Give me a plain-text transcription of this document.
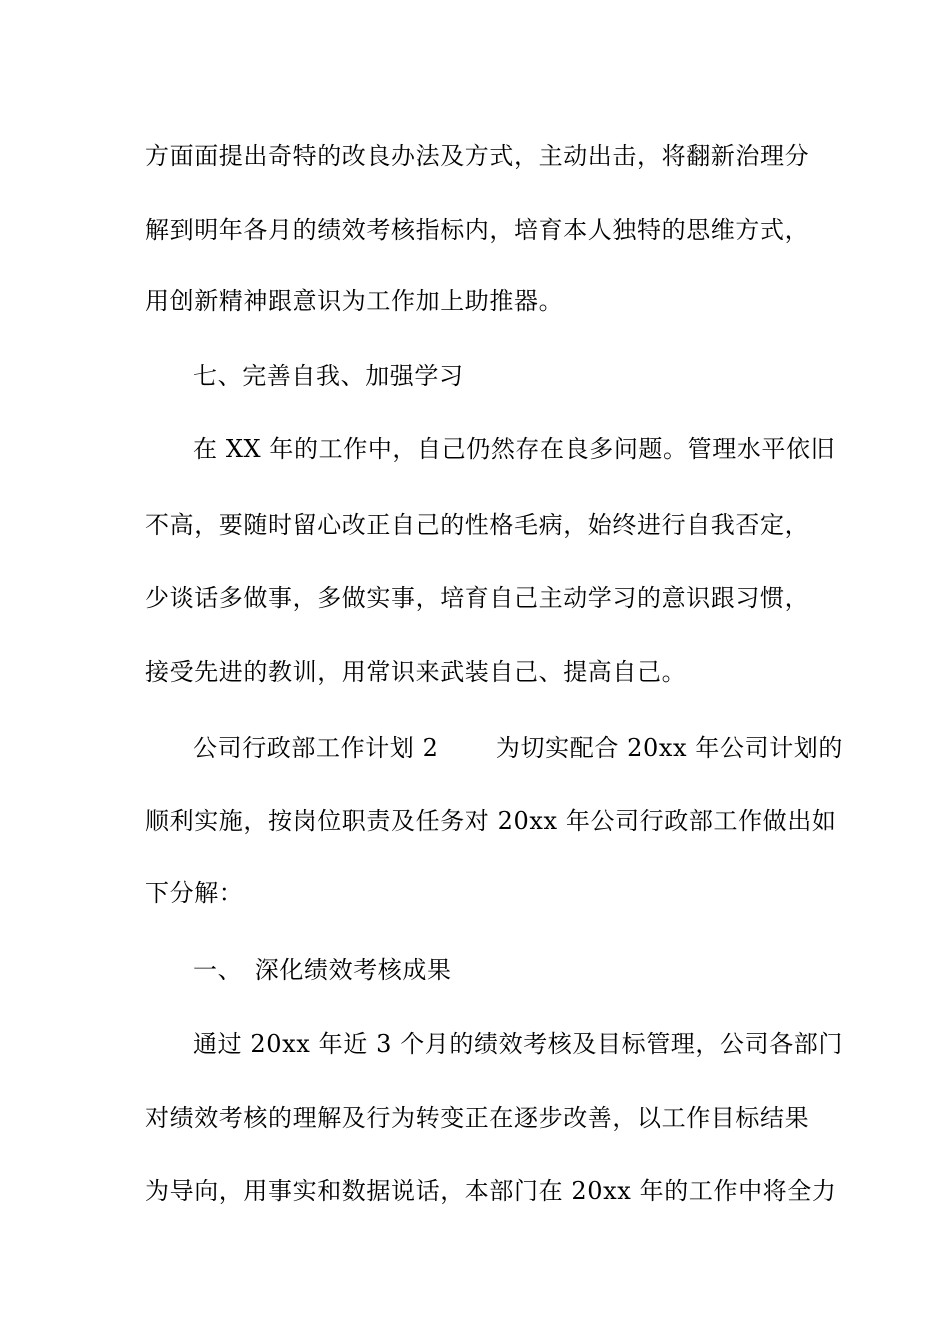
方面面提出奇特的改良办法及方式，主动出击，将翻新治理分
解到明年各月的绩效考核指标内，培育本人独特的思维方式，
用创新精神跟意识为工作加上助推器。
七、完善自我、加强学习
在 XX 年的工作中，自己仍然存在良多问题。管理水平依旧
不高，要随时留心改正自己的性格毛病，始终进行自我否定，
少谈话多做事，多做实事，培育自己主动学习的意识跟习惯，
接受先进的教训，用常识来武装自己、提高自己。
公司行政部工作计划 2　　 为切实配合 20xx 年公司计划的
顺利实施，按岗位职责及任务对 20xx 年公司行政部工作做出如
下分解：
一、　深化绩效考核成果
通过 20xx 年近 3 个月的绩效考核及目标管理，公司各部门
对绩效考核的理解及行为转变正在逐步改善，以工作目标结果
为导向，用事实和数据说话，本部门在 20xx 年的工作中将全力
